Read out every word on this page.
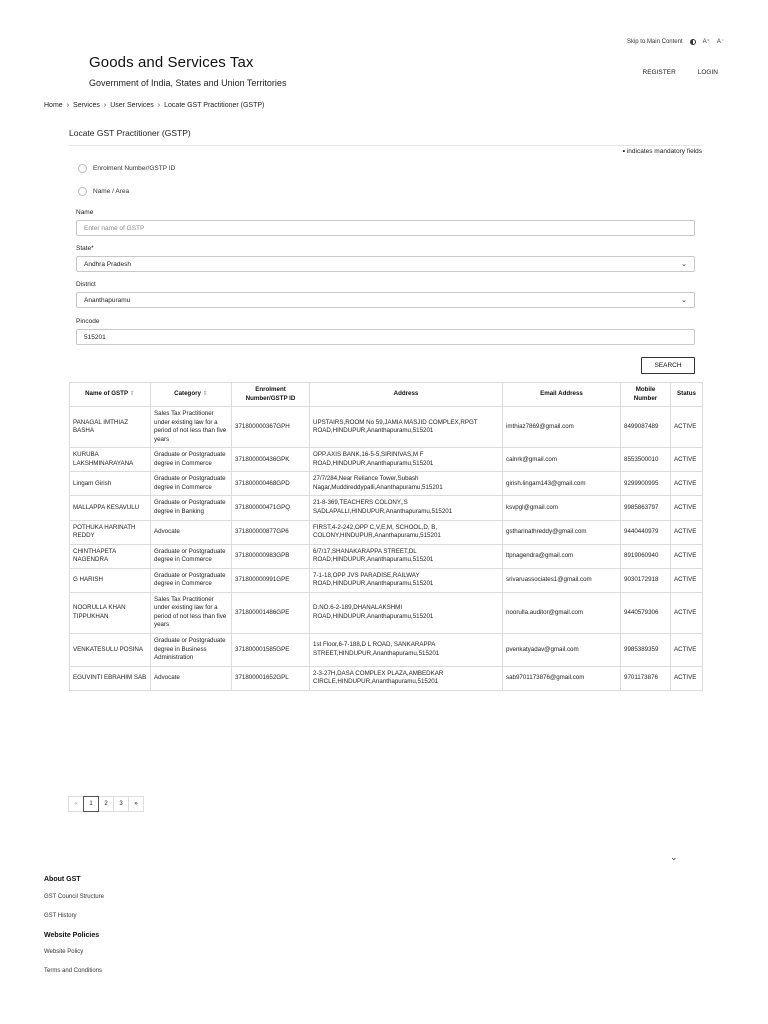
Skip to Main Content	A⁺ A⁻
Goods and Services Tax

Government of India, States and Union Territories

REGISTER	LOGIN
Home › Services › User Services › Locate GST Practitioner (GSTP)
Locate GST Practitioner (GSTP)
• indicates mandatory fields
Enrolment Number/GSTP ID
Name / Area
Name
Enter name of GSTP
State*
Andhra Pradesh	⌄
District
Ananthapuramu	⌄
Pincode
515201
SEARCH
Name of GSTP ⇕	Category ⇕	Enrolment Number/GSTP ID	Address	Email Address	Mobile Number	Status
PANAGAL IMTHIAZ BASHA	Sales Tax Practitioner under existing law for a period of not less than five years	371800000367GPH	UPSTAIRS,ROOM No 59,JAMIA MASJID COMPLEX,RPGT ROAD,HINDUPUR,Ananthapuramu,515201	imthiaz7869@gmail.com	8499087489	ACTIVE
KURUBA LAKSHMINARAYANA	Graduate or Postgraduate degree in Commerce	371800000436GPK	OPP.AXIS BANK,16-5-5,SIRINIVAS,M F ROAD,HINDUPUR,Ananthapuramu,515201	calnrk@gmail.com	8553500010	ACTIVE
Lingam Girish	Graduate or Postgraduate degree in Commerce	371800000468GPD	27/7/284,Near Reliance Tower,Subash Nagar,Muddireddypalli,Ananthapuramu,515201	girish.lingam143@gmail.com	9299900995	ACTIVE
MALLAPPA KESAVULU	Graduate or Postgraduate degree in Banking	371800000471GPQ	21-8-369,TEACHERS COLONY,,S SADLAPALLI,HINDUPUR,Ananthapuramu,515201	ksvpgl@gmail.com	9985863797	ACTIVE
POTHUKA HARINATH REDDY	Advocate	371800000877GP6	FIRST,4-2-242,OPP C,V,E,M, SCHOOL,D, B, COLONY,HINDUPUR,Ananthapuramu,515201	gstharinathreddy@gmail.com	9440440979	ACTIVE
CHINTHAPETA NAGENDRA	Graduate or Postgraduate degree in Commerce	371800000983GPB	6/7/17,SHANAKARAPPA STREET,DL ROAD,HINDUPUR,Ananthapuramu,515201	ltpnagendra@gmail.com	8919060940	ACTIVE
G HARISH	Graduate or Postgraduate degree in Commerce	371800000991GPE	7-1-18,OPP JVS PARADISE,RAILWAY ROAD,HINDUPUR,Ananthapuramu,515201	srivaruassociates1@gmail.com	9030172918	ACTIVE
NOORULLA KHAN TIPPUKHAN	Sales Tax Practitioner under existing law for a period of not less than five years	371800001486GPE	D.NO.6-2-189,DHANALAKSHMI ROAD,HINDUPUR,Ananthapuramu,515201	noorulla.auditor@gmail.com	9440579306	ACTIVE
VENKATESULU POSINA	Graduate or Postgraduate degree in Business Administration	371800001585GPE	1st Floor,6-7-188,D L ROAD, SANKARAPPA STREET,HINDUPUR,Ananthapuramu,515201	pvenkatyadav@gmail.com	9985389359	ACTIVE
EGUVINTI EBRAHIM SAB	Advocate	371800001652GPL	2-3-27H,DASA COMPLEX PLAZA,AMBEDKAR CIRCLE,HINDUPUR,Ananthapuramu,515201	sab9701173876@gmail.com	9701173876	ACTIVE
«	1	2	3	»
⌄
About GST
GST Council Structure
GST History
Website Policies
Website Policy
Terms and Conditions
